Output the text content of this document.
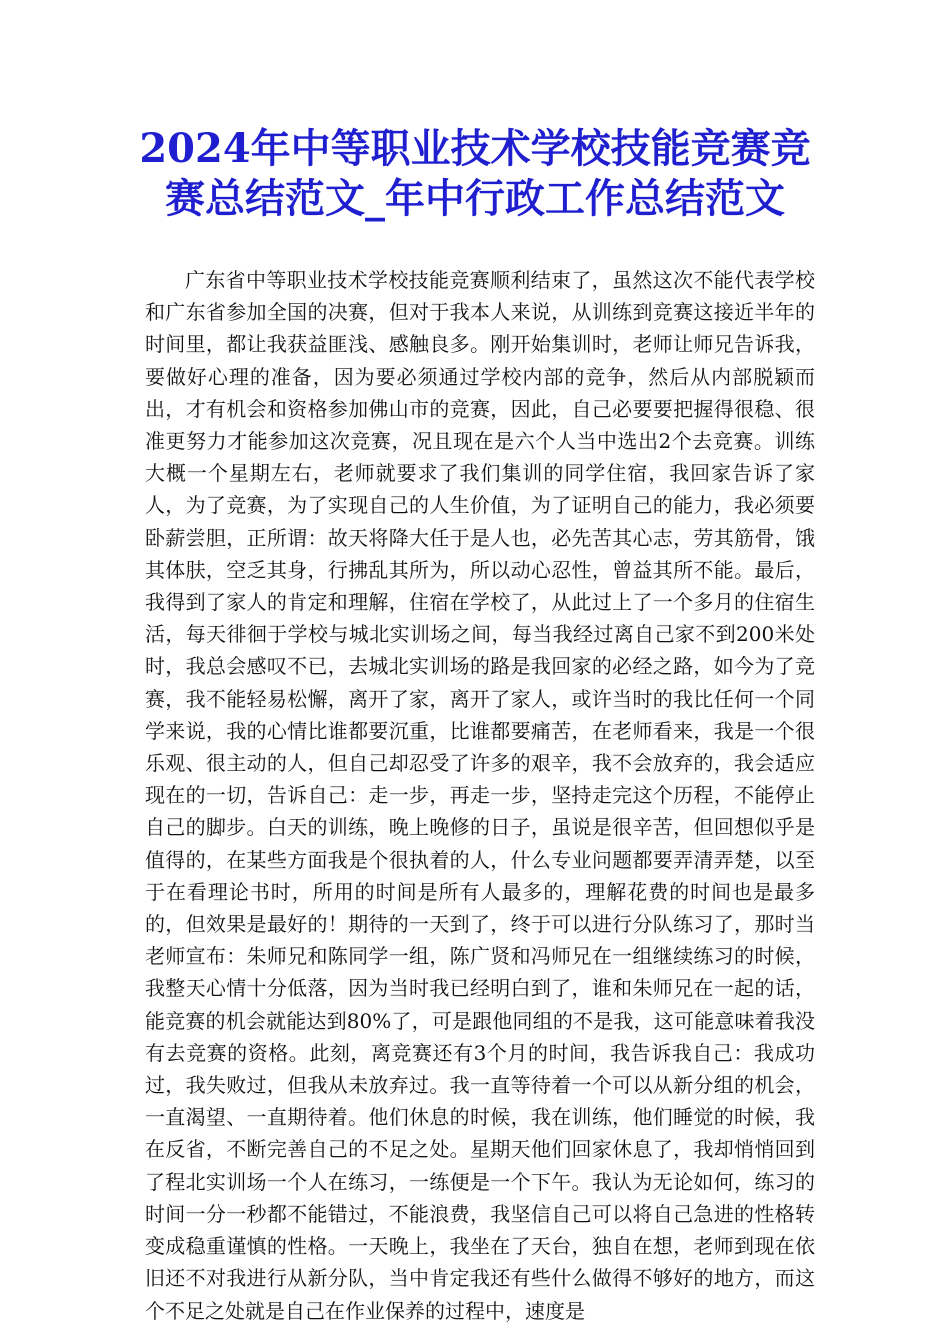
2024年中等职业技术学校技能竞赛竞赛总结范文_年中行政工作总结范文

广东省中等职业技术学校技能竞赛顺利结束了，虽然这次不能代表学校和广东省参加全国的决赛，但对于我本人来说，从训练到竞赛这接近半年的时间里，都让我获益匪浅、感触良多。刚开始集训时，老师让师兄告诉我，要做好心理的准备，因为要必须通过学校内部的竞争，然后从内部脱颖而出，才有机会和资格参加佛山市的竞赛，因此，自己必要要把握得很稳、很准更努力才能参加这次竞赛，况且现在是六个人当中选出2个去竞赛。训练大概一个星期左右，老师就要求了我们集训的同学住宿，我回家告诉了家人，为了竞赛，为了实现自己的人生价值，为了证明自己的能力，我必须要卧薪尝胆，正所谓：故天将降大任于是人也，必先苦其心志，劳其筋骨，饿其体肤，空乏其身，行拂乱其所为，所以动心忍性，曾益其所不能。最后，我得到了家人的肯定和理解，住宿在学校了，从此过上了一个多月的住宿生活，每天徘徊于学校与城北实训场之间，每当我经过离自己家不到200米处时，我总会感叹不已，去城北实训场的路是我回家的必经之路，如今为了竞赛，我不能轻易松懈，离开了家，离开了家人，或许当时的我比任何一个同学来说，我的心情比谁都要沉重，比谁都要痛苦，在老师看来，我是一个很乐观、很主动的人，但自己却忍受了许多的艰辛，我不会放弃的，我会适应现在的一切，告诉自己：走一步，再走一步，坚持走完这个历程，不能停止自己的脚步。白天的训练，晚上晚修的日子，虽说是很辛苦，但回想似乎是值得的，在某些方面我是个很执着的人，什么专业问题都要弄清弄楚，以至于在看理论书时，所用的时间是所有人最多的，理解花费的时间也是最多的，但效果是最好的！期待的一天到了，终于可以进行分队练习了，那时当老师宣布：朱师兄和陈同学一组，陈广贤和冯师兄在一组继续练习的时候，我整天心情十分低落，因为当时我已经明白到了，谁和朱师兄在一起的话，能竞赛的机会就能达到80%了，可是跟他同组的不是我，这可能意味着我没有去竞赛的资格。此刻，离竞赛还有3个月的时间，我告诉我自己：我成功过，我失败过，但我从未放弃过。我一直等待着一个可以从新分组的机会，一直渴望、一直期待着。他们休息的时候，我在训练，他们睡觉的时候，我在反省，不断完善自己的不足之处。星期天他们回家休息了，我却悄悄回到了程北实训场一个人在练习，一练便是一个下午。我认为无论如何，练习的时间一分一秒都不能错过，不能浪费，我坚信自己可以将自己急进的性格转变成稳重谨慎的性格。一天晚上，我坐在了天台，独自在想，老师到现在依旧还不对我进行从新分队，当中肯定我还有些什么做得不够好的地方，而这个不足之处就是自己在作业保养的过程中，速度是
